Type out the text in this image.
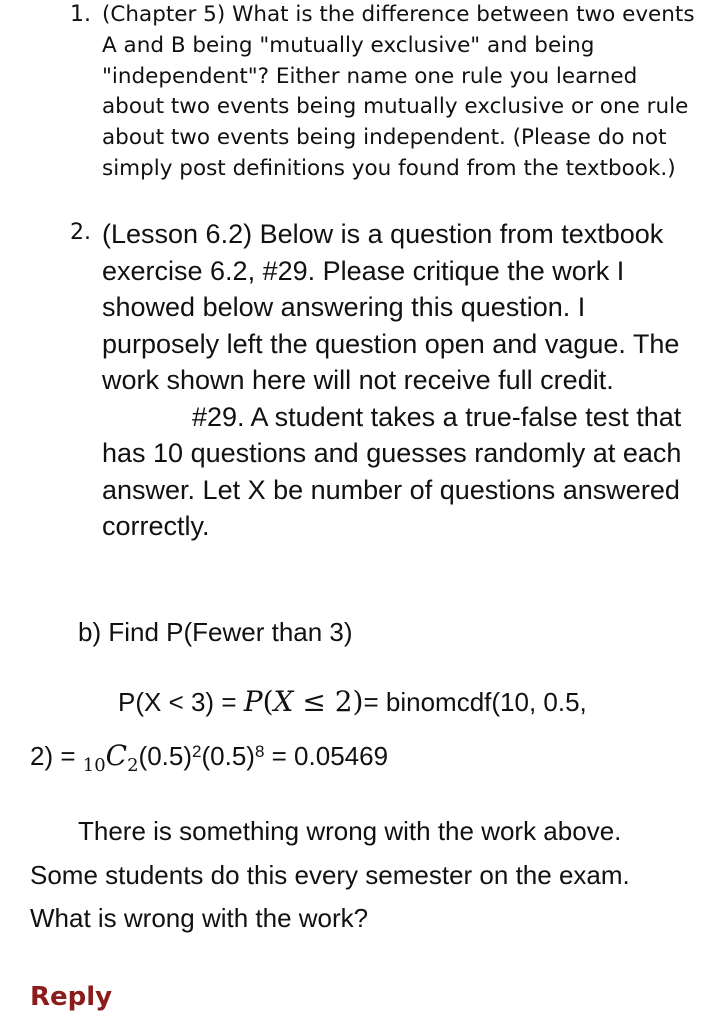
1. (Chapter 5) What is the difference between two events A and B being "mutually exclusive" and being "independent"? Either name one rule you learned about two events being mutually exclusive or one rule about two events being independent. (Please do not simply post definitions you found from the textbook.)
2. (Lesson 6.2) Below is a question from textbook exercise 6.2, #29. Please critique the work I showed below answering this question. I purposely left the question open and vague. The work shown here will not receive full credit.#29. A student takes a true-false test that has 10 questions and guesses randomly at each answer. Let X be number of questions answered correctly.
b) Find P(Fewer than 3)
P(X < 3) = P(X ≤ 2)= binomcdf(10, 0.5,
$2) = _{10}C_2(0.5)^2(0.5)^8 = 0.05469$
There is something wrong with the work above. Some students do this every semester on the exam. What is wrong with the work?
Reply
